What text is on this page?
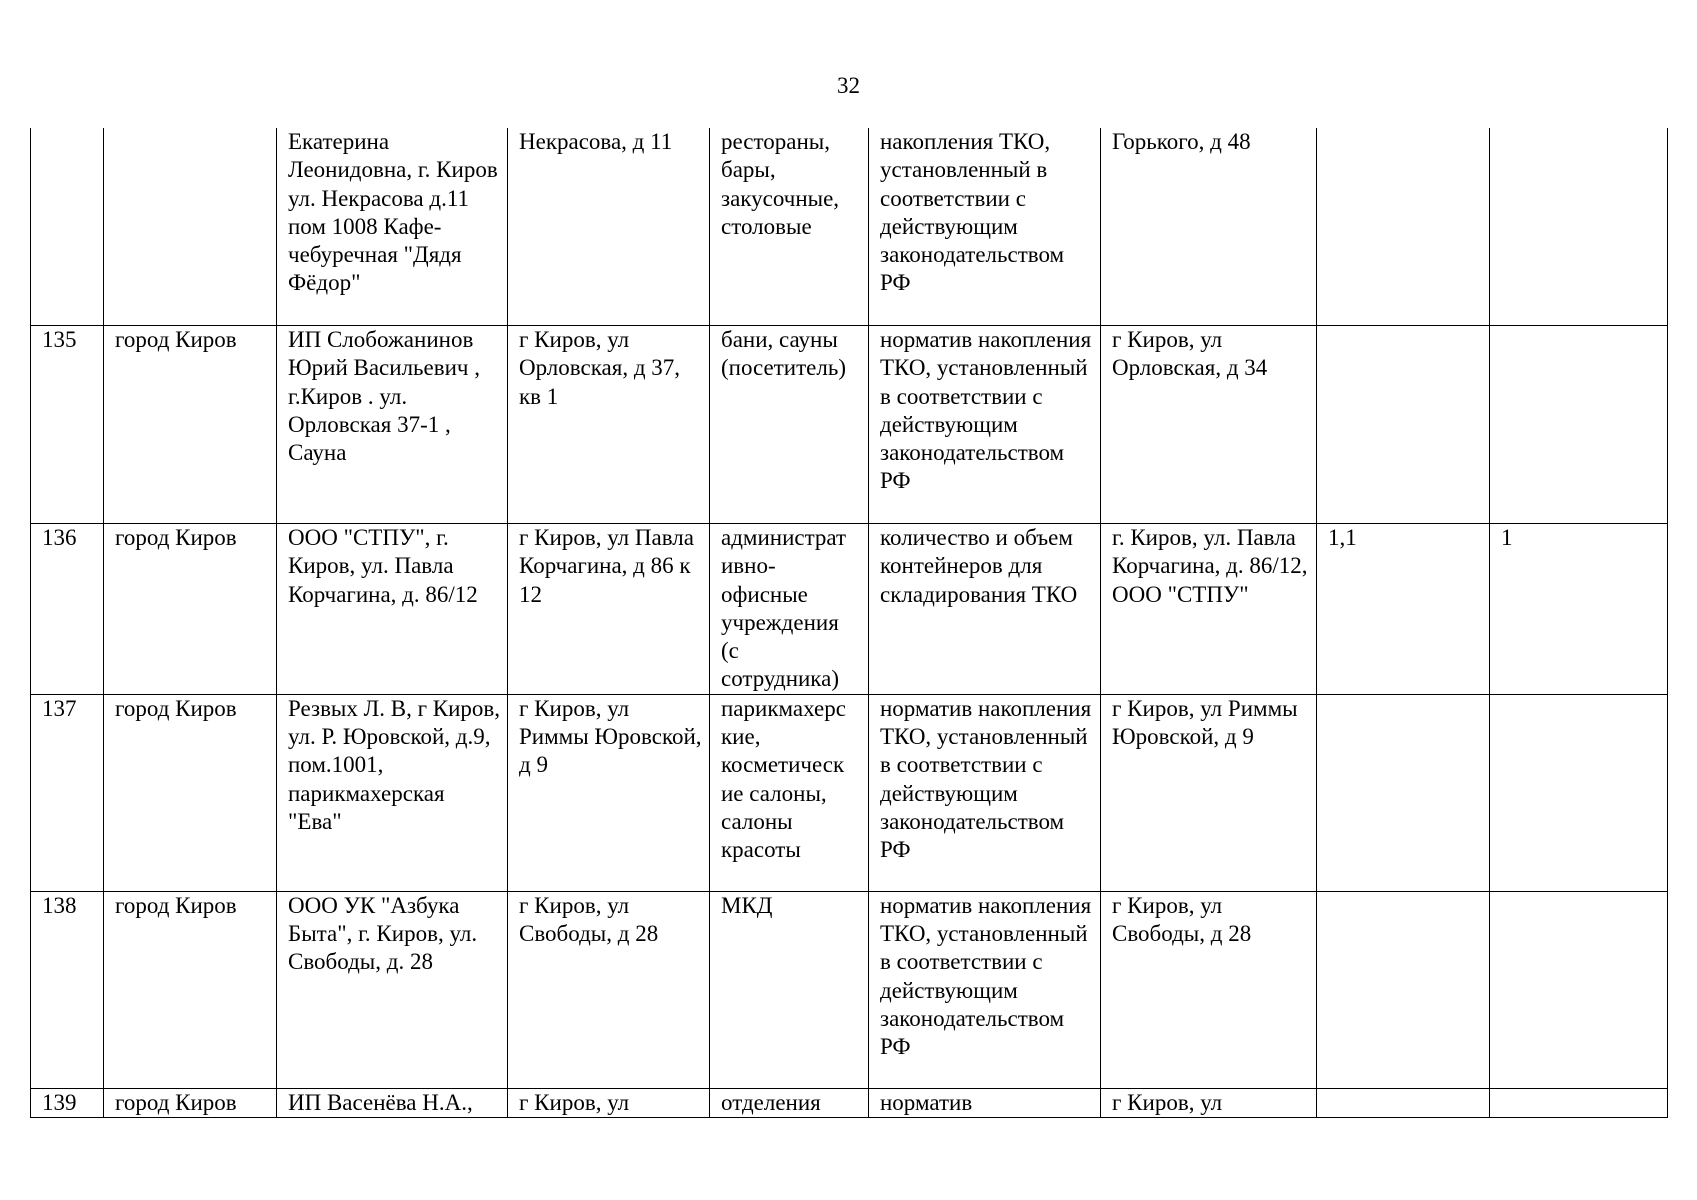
32
		Екатерина Леонидовна, г. Киров ул. Некрасова д.11 пом 1008 Кафе-чебуречная "Дядя Фёдор"	Некрасова, д 11	рестораны, бары, закусочные, столовые	накопления ТКО, установленный в соответствии с действующим законодательством РФ	Горького, д 48		
135	город Киров	ИП Слобожанинов Юрий Васильевич , г.Киров . ул. Орловская 37-1 , Сауна	г Киров, ул Орловская, д 37, кв 1	бани, сауны (посетитель)	норматив накопления ТКО, установленный в соответствии с действующим законодательством РФ	г Киров, ул Орловская, д 34		
136	город Киров	ООО "СТПУ", г. Киров, ул. Павла Корчагина, д. 86/12	г Киров, ул Павла Корчагина, д 86 к 12	администрат ивно-офисные учреждения (с сотрудника)	количество и объем контейнеров для складирования ТКО	г. Киров, ул. Павла Корчагина, д. 86/12, ООО "СТПУ"	1,1	1
137	город Киров	Резвых Л. В, г Киров, ул. Р. Юровской, д.9, пом.1001, парикмахерская "Ева"	г Киров, ул Риммы Юровской, д 9	парикмахерс кие, косметическ ие салоны, салоны красоты	норматив накопления ТКО, установленный в соответствии с действующим законодательством РФ	г Киров, ул Риммы Юровской, д 9		
138	город Киров	ООО УК "Азбука Быта", г. Киров, ул. Свободы, д. 28	г Киров, ул Свободы, д 28	МКД	норматив накопления ТКО, установленный в соответствии с действующим законодательством РФ	г Киров, ул Свободы, д 28		
139	город Киров	ИП Васенёва Н.А.,	г Киров, ул	отделения	норматив	г Киров, ул		
